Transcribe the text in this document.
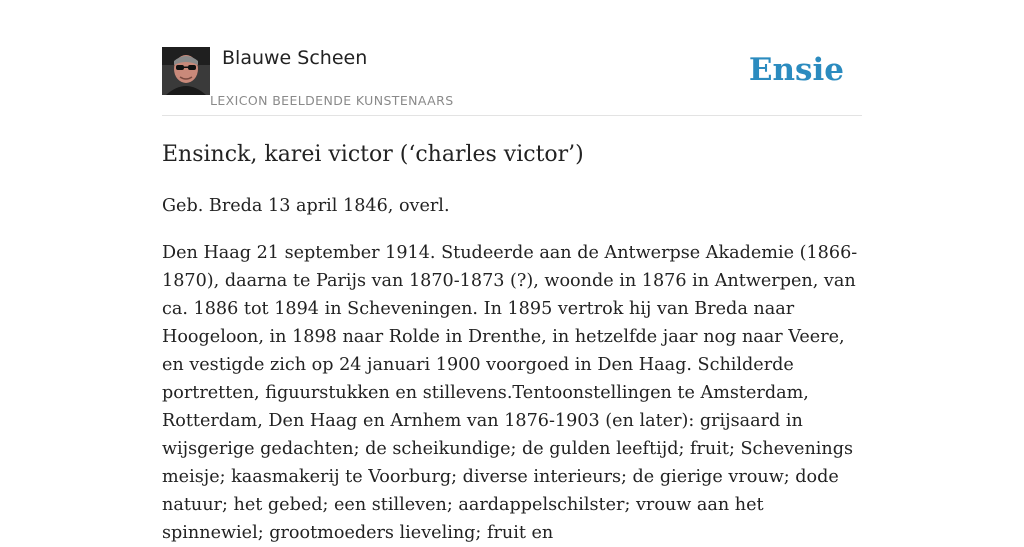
Blauwe Scheen
LEXICON BEELDENDE KUNSTENAARS
Ensie
Ensinck, karei victor (‘charles victor’)

Geb. Breda 13 april 1846, overl.

Den Haag 21 september 1914. Studeerde aan de Antwerpse Akademie (1866-1870), daarna te Parijs van 1870-1873 (?), woonde in 1876 in Antwerpen, van ca. 1886 tot 1894 in Scheveningen. In 1895 vertrok hij van Breda naar Hoogeloon, in 1898 naar Rolde in Drenthe, in hetzelfde jaar nog naar Veere, en vestigde zich op 24 januari 1900 voorgoed in Den Haag. Schilderde portretten, figuurstukken en stillevens.Tentoonstellingen te Amsterdam, Rotterdam, Den Haag en Arnhem van 1876-1903 (en later): grijsaard in wijsgerige gedachten; de scheikundige; de gulden leeftijd; fruit; Schevenings meisje; kaasmakerij te Voorburg; diverse interieurs; de gierige vrouw; dode natuur; het gebed; een stilleven; aardappelschilster; vrouw aan het spinnewiel; grootmoeders lieveling; fruit en
